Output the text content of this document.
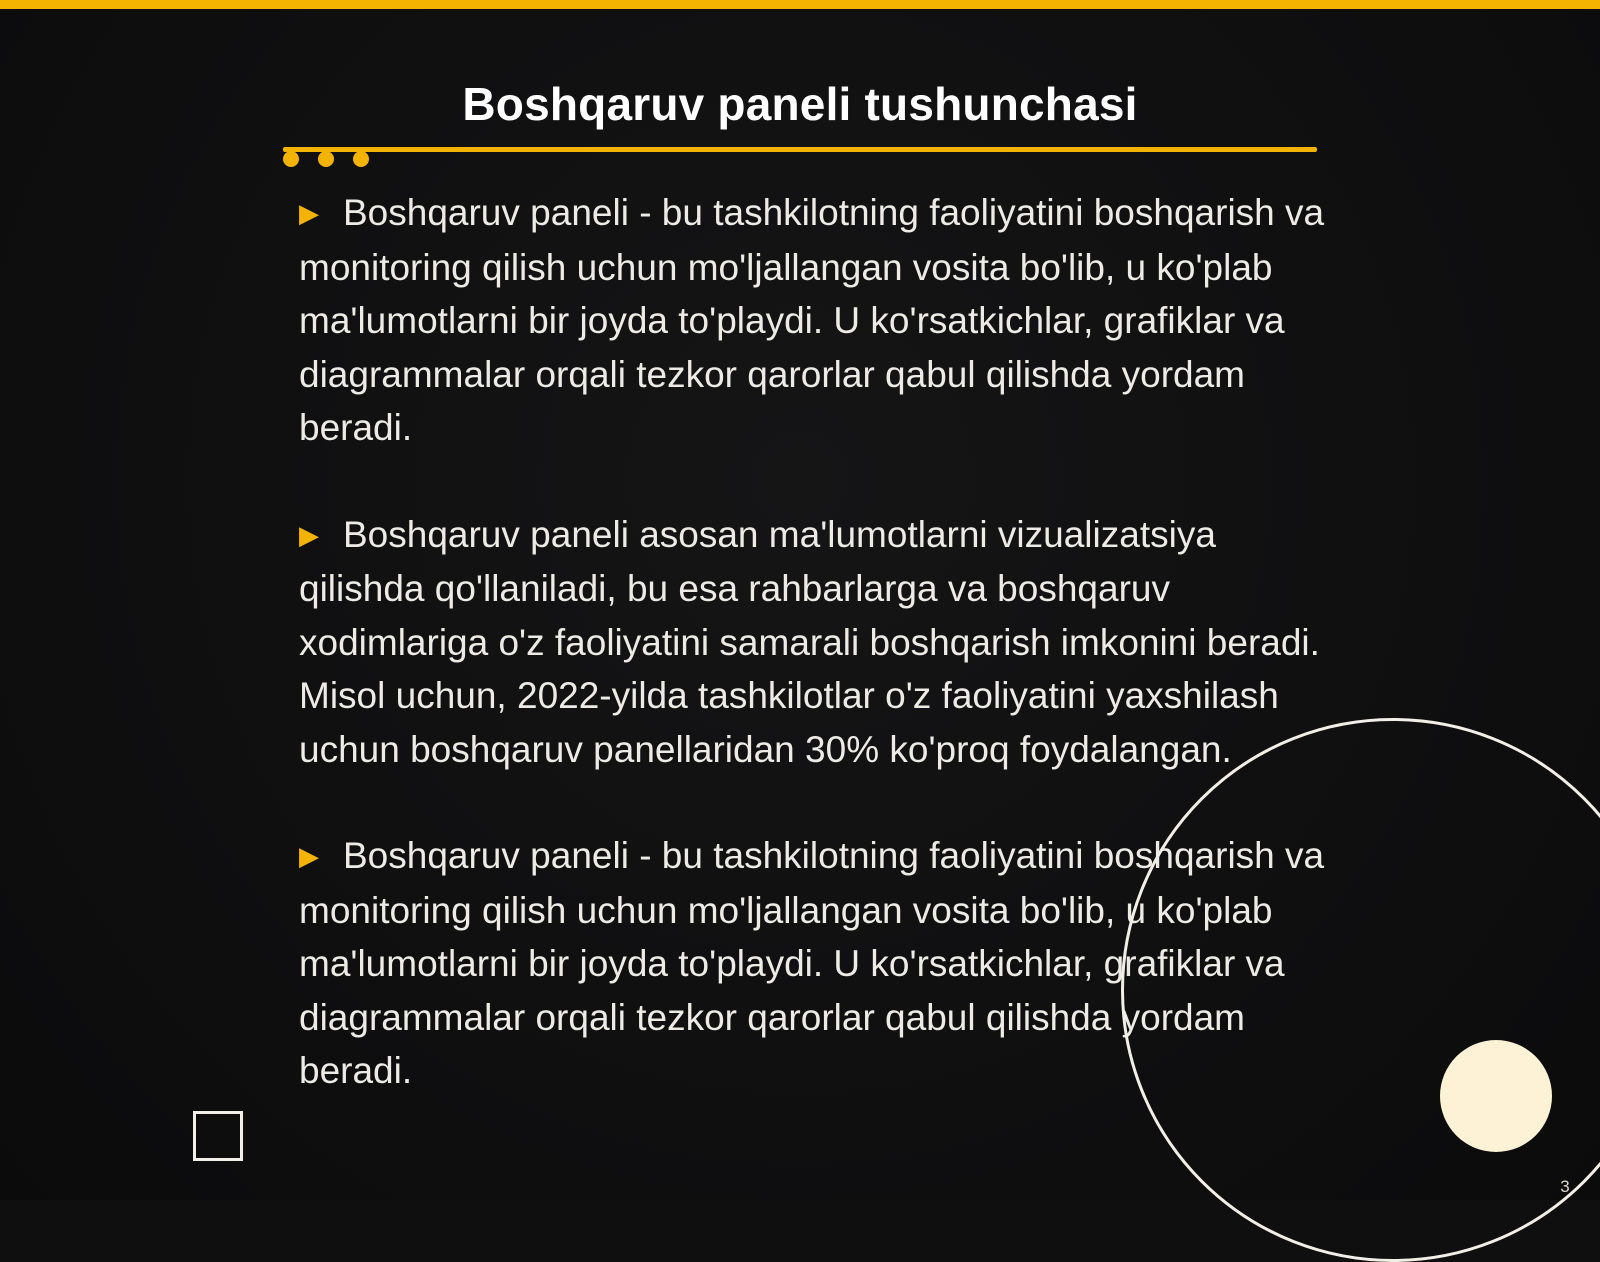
Boshqaruv paneli tushunchasi

▶ Boshqaruv paneli - bu tashkilotning faoliyatini boshqarish va monitoring qilish uchun mo'ljallangan vosita bo'lib, u ko'plab ma'lumotlarni bir joyda to'playdi. U ko'rsatkichlar, grafiklar va diagrammalar orqali tezkor qarorlar qabul qilishda yordam beradi.

▶ Boshqaruv paneli asosan ma'lumotlarni vizualizatsiya qilishda qo'llaniladi, bu esa rahbarlarga va boshqaruv xodimlariga o'z faoliyatini samarali boshqarish imkonini beradi. Misol uchun, 2022-yilda tashkilotlar o'z faoliyatini yaxshilash uchun boshqaruv panellaridan 30% ko'proq foydalangan.

▶ Boshqaruv paneli - bu tashkilotning faoliyatini boshqarish va monitoring qilish uchun mo'ljallangan vosita bo'lib, u ko'plab ma'lumotlarni bir joyda to'playdi. U ko'rsatkichlar, grafiklar va diagrammalar orqali tezkor qarorlar qabul qilishda yordam beradi.

3
